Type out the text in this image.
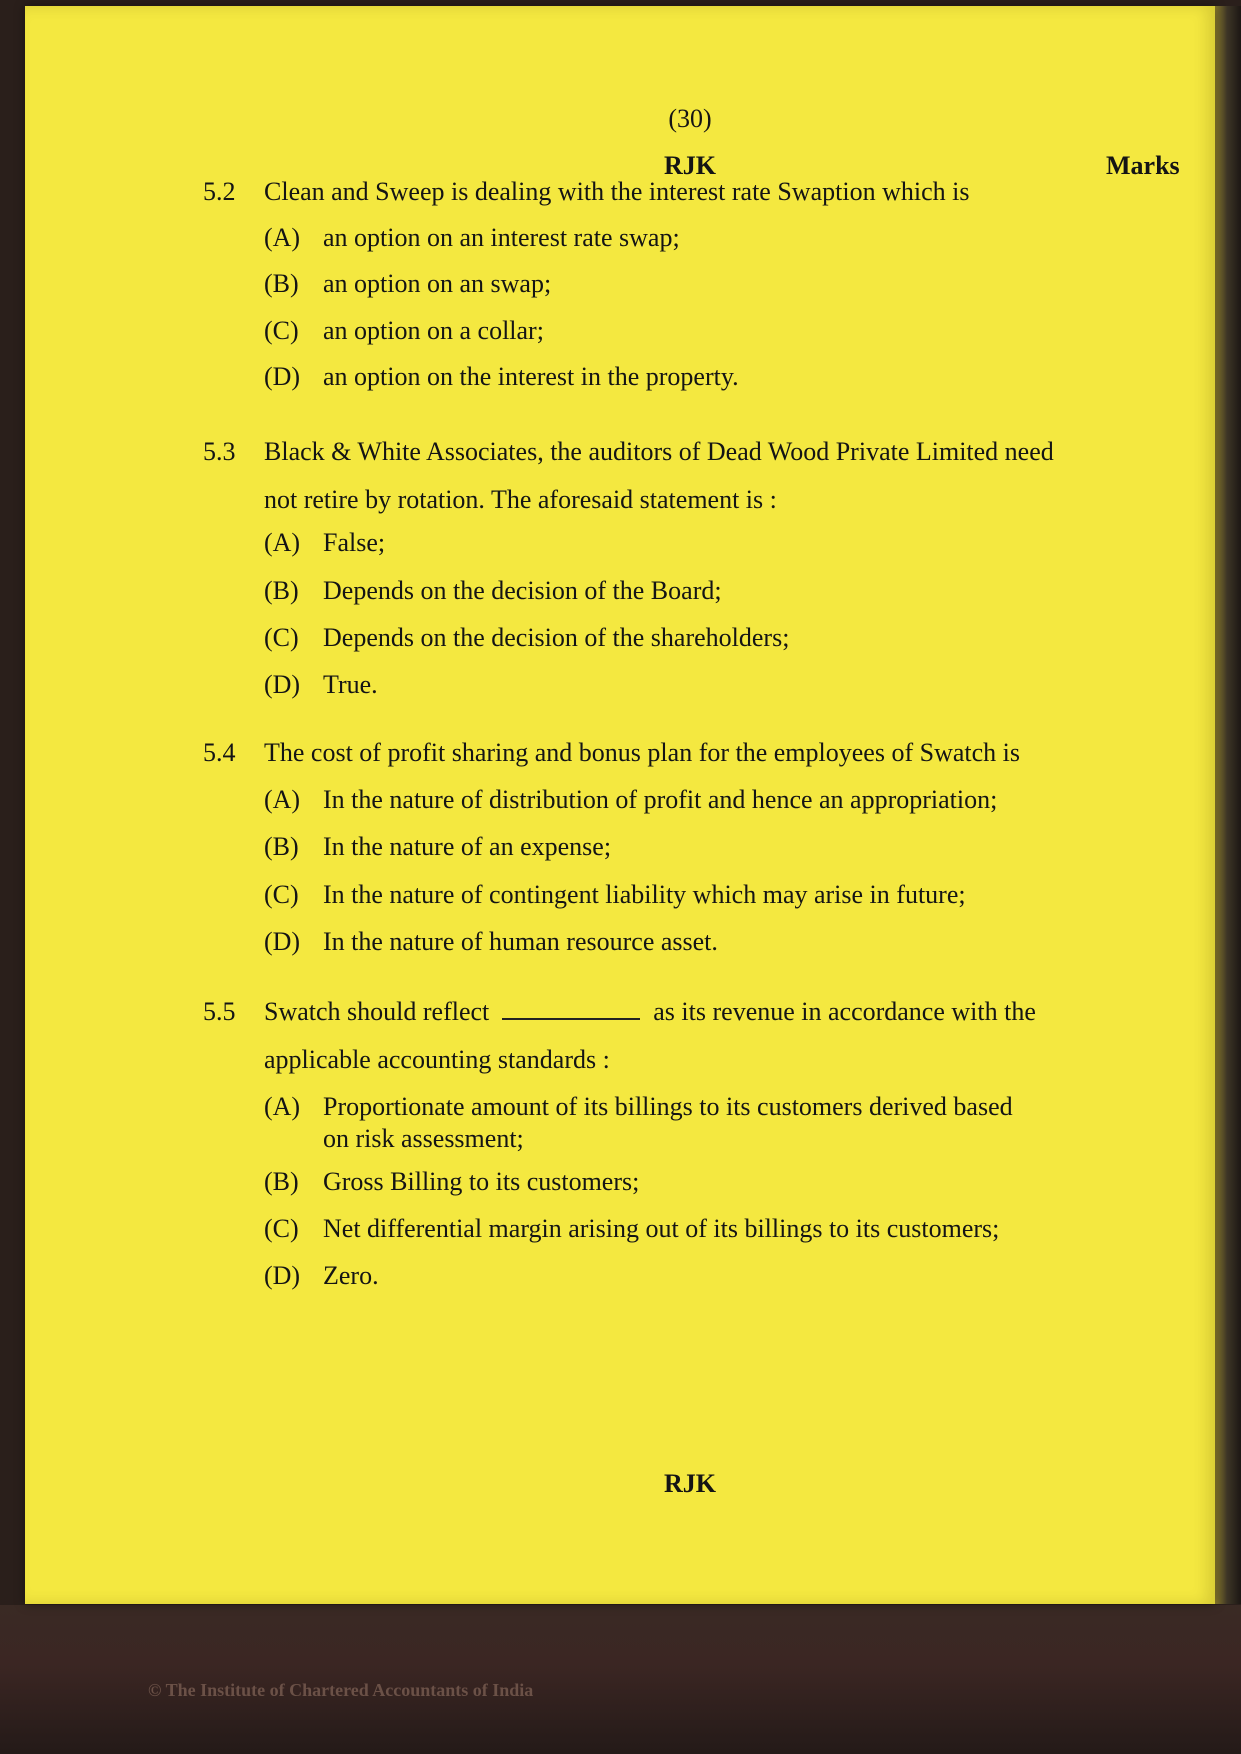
(30)
RJK	Marks
5.2 Clean and Sweep is dealing with the interest rate Swaption which is
(A) an option on an interest rate swap;
(B) an option on an swap;
(C) an option on a collar;
(D) an option on the interest in the property.
5.3 Black & White Associates, the auditors of Dead Wood Private Limited need
not retire by rotation. The aforesaid statement is :
(A) False;
(B) Depends on the decision of the Board;
(C) Depends on the decision of the shareholders;
(D) True.
5.4 The cost of profit sharing and bonus plan for the employees of Swatch is
(A) In the nature of distribution of profit and hence an appropriation;
(B) In the nature of an expense;
(C) In the nature of contingent liability which may arise in future;
(D) In the nature of human resource asset.
5.5 Swatch should reflect	as its revenue in accordance with the
applicable accounting standards :
(A) Proportionate amount of its billings to its customers derived based on risk assessment;
(B) Gross Billing to its customers;
(C) Net differential margin arising out of its billings to its customers;
(D) Zero.
RJK
© The Institute of Chartered Accountants of India
